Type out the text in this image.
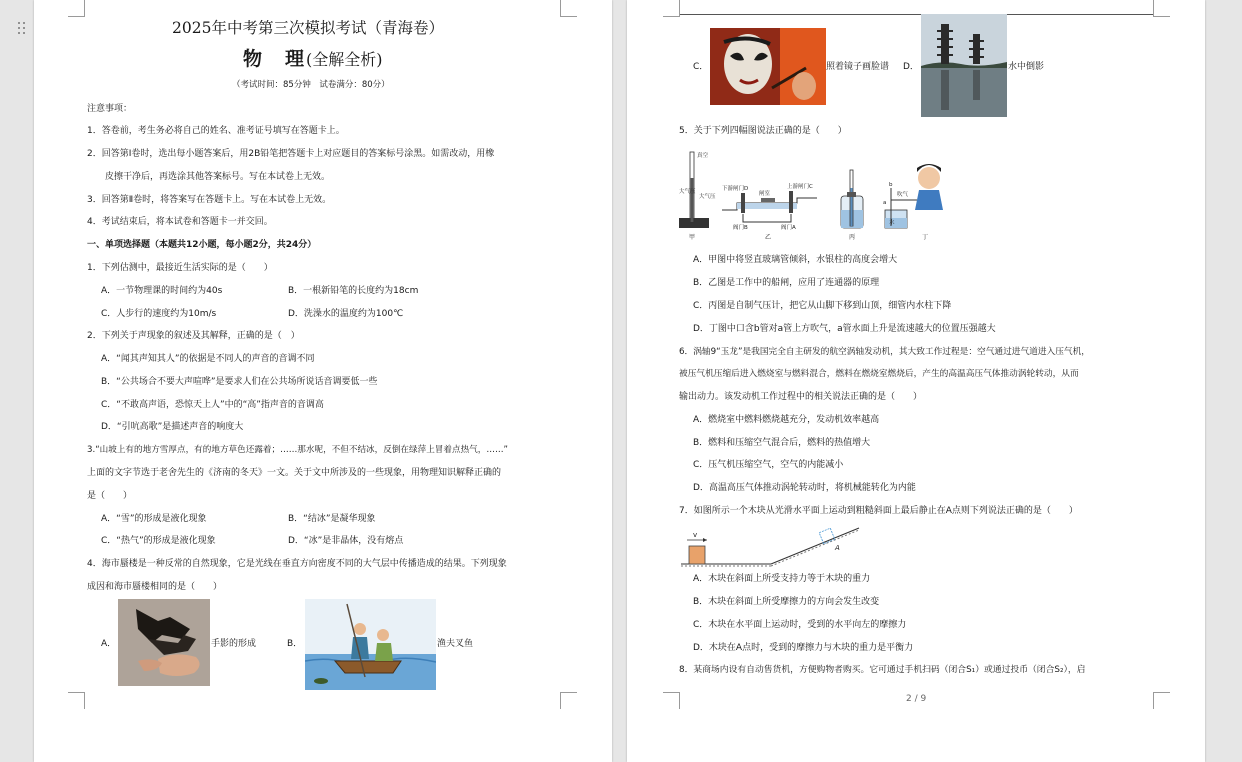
2025年中考第三次模拟考试（青海卷）
物　理(全解全析)
（考试时间：85分钟　试卷满分：80分）
注意事项：
1．答卷前，考生务必将自己的姓名、准考证号填写在答题卡上。
2．回答第Ⅰ卷时，选出每小题答案后，用2B铅笔把答题卡上对应题目的答案标号涂黑。如需改动，用橡
皮擦干净后，再选涂其他答案标号。写在本试卷上无效。
3．回答第Ⅱ卷时，将答案写在答题卡上。写在本试卷上无效。
4．考试结束后，将本试卷和答题卡一并交回。
一、单项选择题（本题共12小题，每小题2分，共24分）
1．下列估测中，最接近生活实际的是（　　）
A．一节物理课的时间约为40s	B．一根新铅笔的长度约为18cm
C．人步行的速度约为10m/s	D．洗澡水的温度约为100℃
2．下列关于声现象的叙述及其解释，正确的是（　）
A．“闻其声知其人”的依据是不同人的声音的音调不同
B．“公共场合不要大声喧哗”是要求人们在公共场所说话音调要低一些
C．“不敢高声语，恐惊天上人”中的“高”指声音的音调高
D．“引吭高歌”是描述声音的响度大
3.“山坡上有的地方雪厚点，有的地方草色还露着；……那水呢，不但不结冰，反倒在绿萍上冒着点热气，……”
上面的文字节选于老舍先生的《济南的冬天》一文。关于文中所涉及的一些现象，用物理知识解释正确的
是（　　）
A．“雪”的形成是液化现象	B．“结冰”是凝华现象
C．“热气”的形成是液化现象	D．“冰”是非晶体，没有熔点
4．海市蜃楼是一种反常的自然现象，它是光线在垂直方向密度不同的大气层中传播造成的结果。下列现象
成因和海市蜃楼相同的是（　　）
A．	手影的形成	B．	渔夫叉鱼
C．	照着镜子画脸谱 D．	水中倒影
5．关于下列四幅图说法正确的是（　　）
真空
大气压
大气压
甲
下游闸门D
闸室
上游闸门C
阀门B	阀门A
乙	丙
b
a
吹气
水
丁
A．甲图中将竖直玻璃管倾斜，水银柱的高度会增大
B．乙图是工作中的船闸，应用了连通器的原理
C．丙图是自制气压计，把它从山脚下移到山顶，细管内水柱下降
D．丁图中口含b管对a管上方吹气，a管水面上升是流速越大的位置压强越大
6．涡轴9“玉龙”是我国完全自主研发的航空涡轴发动机，其大致工作过程是：空气通过进气道进入压气机，
被压气机压缩后进入燃烧室与燃料混合，燃料在燃烧室燃烧后，产生的高温高压气体推动涡轮转动，从而
输出动力。该发动机工作过程中的相关说法正确的是（　　）
A．燃烧室中燃料燃烧越充分，发动机效率越高
B．燃料和压缩空气混合后，燃料的热值增大
C．压气机压缩空气，空气的内能减小
D．高温高压气体推动涡轮转动时，将机械能转化为内能
7．如图所示一个木块从光滑水平面上运动到粗糙斜面上最后静止在A点则下列说法正确的是（　　）
v
A
A．木块在斜面上所受支持力等于木块的重力
B．木块在斜面上所受摩擦力的方向会发生改变
C．木块在水平面上运动时，受到的水平向左的摩擦力
D．木块在A点时，受到的摩擦力与木块的重力是平衡力
8．某商场内设有自动售货机，方便购物者购买。它可通过手机扫码（闭合S₁）或通过投币（闭合S₂），启
2 / 9
